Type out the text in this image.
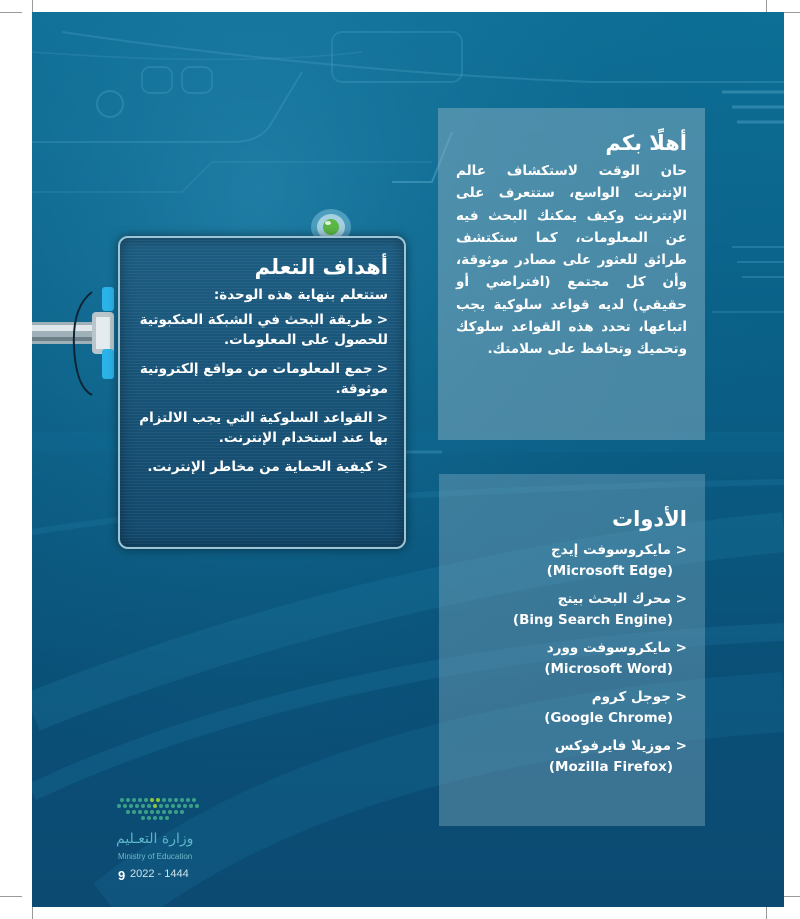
أهلًا بكم

حان الوقت لاستكشاف عالم الإنترنت الواسع، ستتعرف على الإنترنت وكيف يمكنك البحث فيه عن المعلومات، كما ستكتشف طرائق للعثور على مصادر موثوقة، وأن كل مجتمع (افتراضي أو حقيقي) لديه قواعد سلوكية يجب اتباعها، تحدد هذه القواعد سلوكك وتحميك وتحافظ على سلامتك.

أهداف التعلم

ستتعلم بنهاية هذه الوحدة:

<طريقة البحث في الشبكة العنكبوتية للحصول على المعلومات.
<جمع المعلومات من مواقع إلكترونية موثوقة.
<القواعد السلوكية التي يجب الالتزام بها عند استخدام الإنترنت.
<كيفية الحماية من مخاطر الإنترنت.
الأدوات
< مايكروسوفت إيدج
(Microsoft Edge)
< محرك البحث بينج
(Bing Search Engine)
< مايكروسوفت وورد
(Microsoft Word)
< جوجل كروم
(Google Chrome)
< موزيلا فايرفوكس
(Mozilla Firefox)
وزارة التعـليم
Ministry of Education
2022 - 1444
9
